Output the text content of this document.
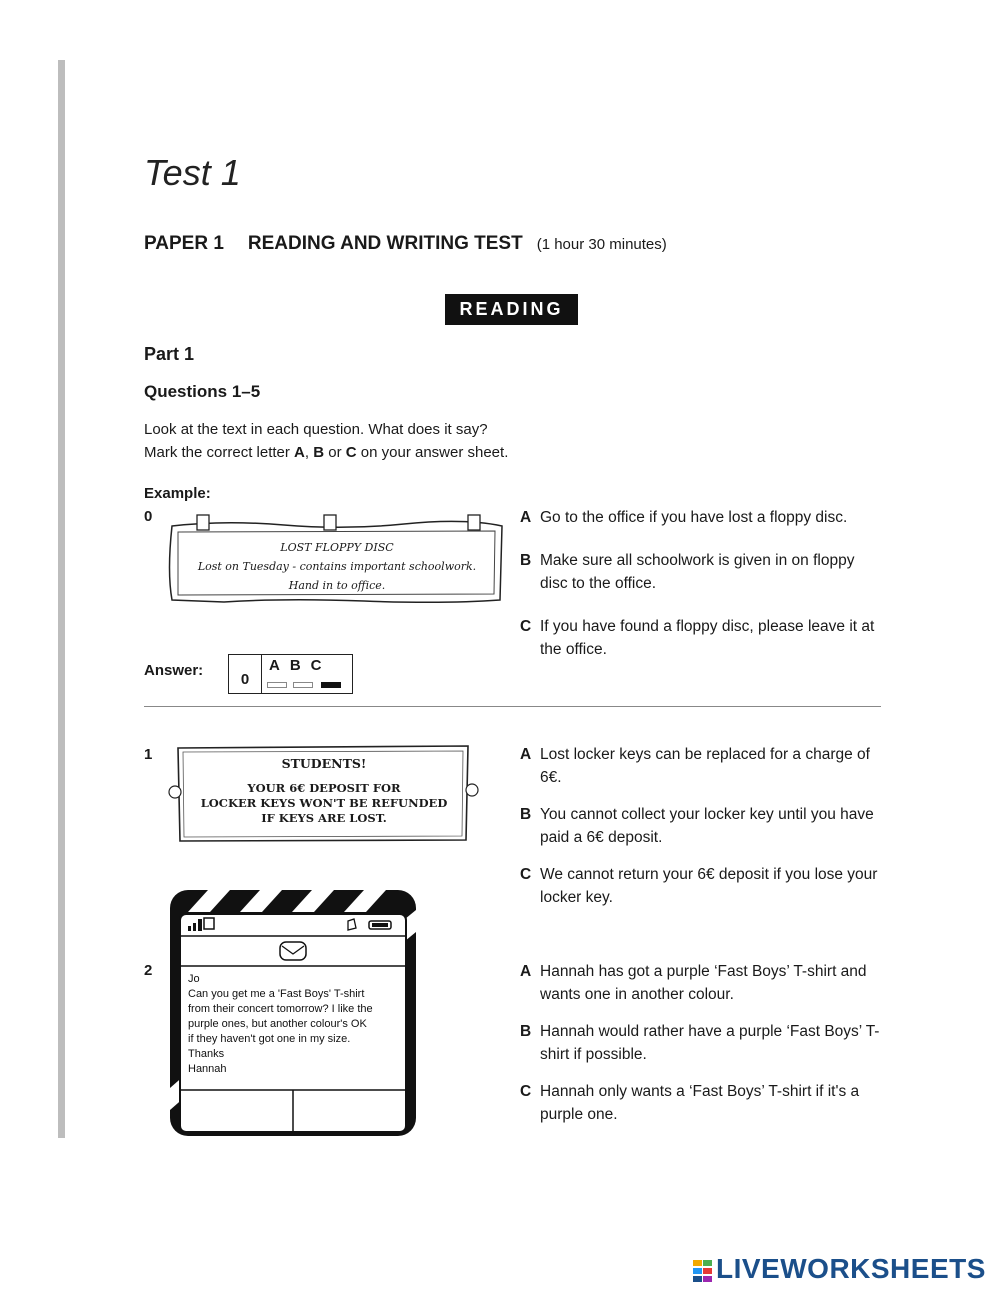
Test 1
PAPER 1 READING AND WRITING TEST (1 hour 30 minutes)
READING
Part 1
Questions 1–5
Look at the text in each question. What does it say?
Mark the correct letter A, B or C on your answer sheet.
Example:
0
LOST FLOPPY DISC
Lost on Tuesday - contains important schoolwork.
Hand in to office.
A Go to the office if you have lost a floppy disc.
B Make sure all schoolwork is given in on floppy disc to the office.
C If you have found a floppy disc, please leave it at the office.
Answer:
0
ABC
1
STUDENTS!
YOUR 6€ DEPOSIT FOR
LOCKER KEYS WON'T BE REFUNDED
IF KEYS ARE LOST.
A Lost locker keys can be replaced for a charge of 6€.
B You cannot collect your locker key until you have paid a 6€ deposit.
C We cannot return your 6€ deposit if you lose your locker key.
2	Jo
Can you get me a 'Fast Boys' T-shirt
from their concert tomorrow? I like the
purple ones, but another colour's OK
if they haven't got one in my size.
Thanks
Hannah
A Hannah has got a purple ‘Fast Boys’ T-shirt and wants one in another colour.
B Hannah would rather have a purple ‘Fast Boys’ T-shirt if possible.
C Hannah only wants a ‘Fast Boys’ T-shirt if it's a purple one.
LIVEWORKSHEETS
